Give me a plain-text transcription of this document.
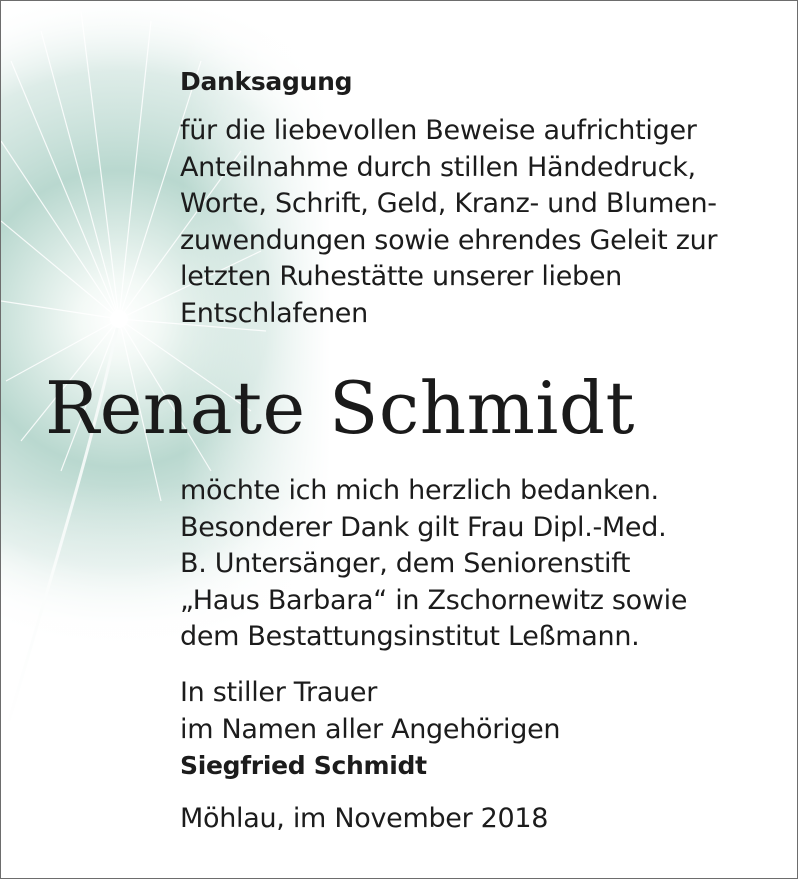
Danksagung
für die liebevollen Beweise aufrichtiger
Anteilnahme durch stillen Händedruck,
Worte, Schrift, Geld, Kranz- und Blumen-
zuwendungen sowie ehrendes Geleit zur
letzten Ruhestätte unserer lieben
Entschlafenen
Renate Schmidt
möchte ich mich herzlich bedanken.
Besonderer Dank gilt Frau Dipl.-Med.
B. Untersänger, dem Seniorenstift
„Haus Barbara“ in Zschornewitz sowie
dem Bestattungsinstitut Leßmann.
In stiller Trauer
im Namen aller Angehörigen
Siegfried Schmidt
Möhlau, im November 2018
